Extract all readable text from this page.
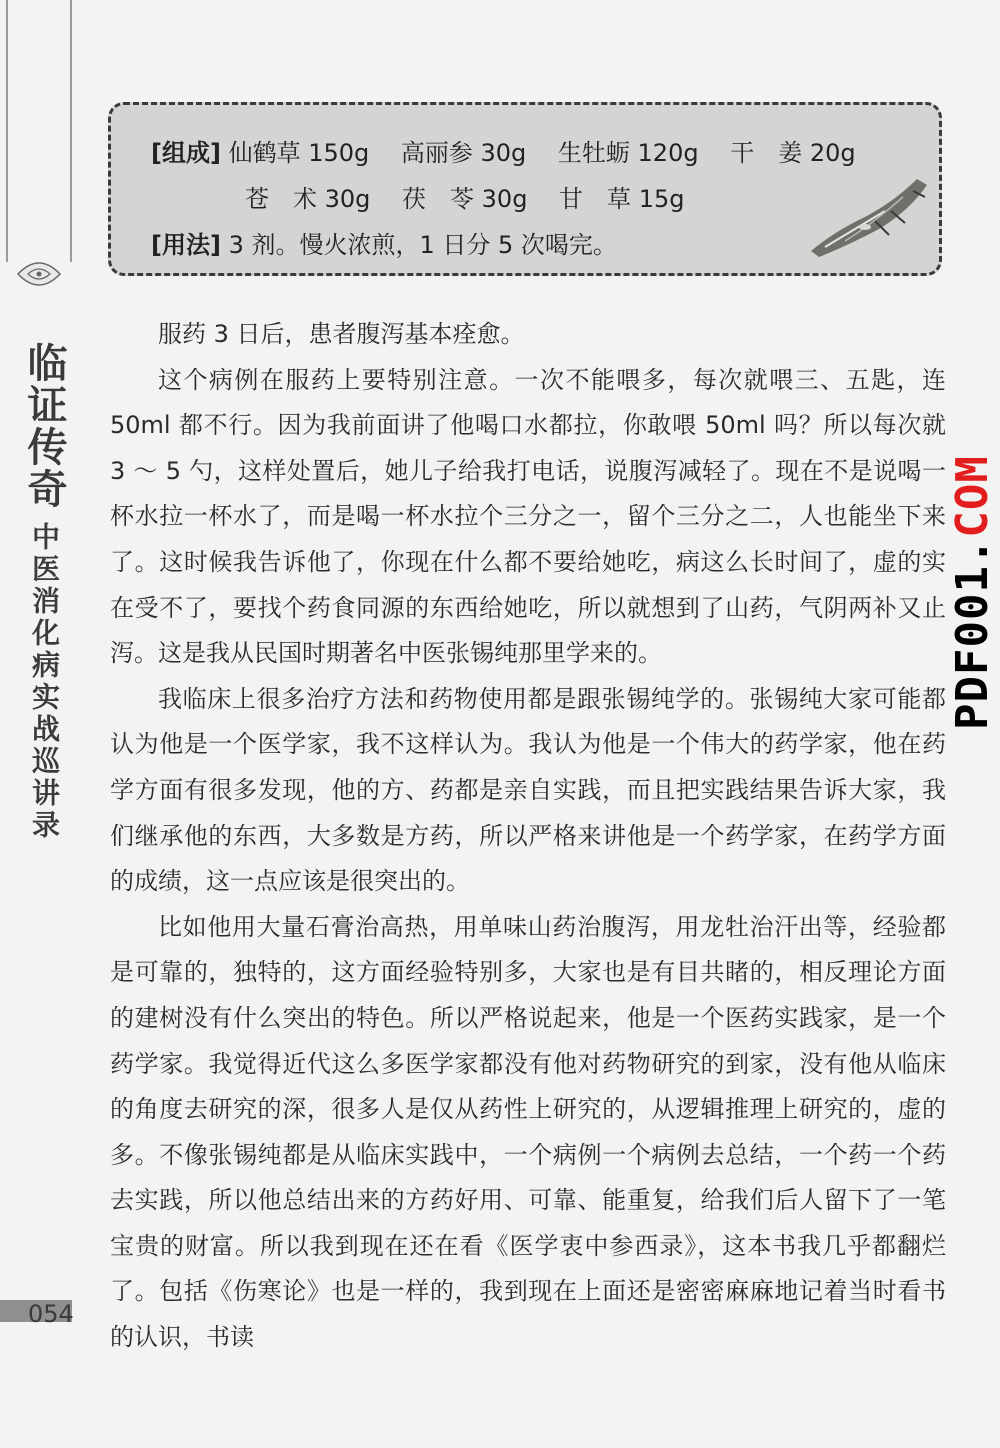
临证传奇
中医消化病实战巡讲录
054
PDF001.COM
[组成] 仙鹤草 150g　 高丽参 30g　 生牡蛎 120g　 干　姜 20g
苍　术 30g　 茯　苓 30g　 甘　草 15g
[用法] 3 剂。慢火浓煎，1 日分 5 次喝完。

服药 3 日后，患者腹泻基本痊愈。

这个病例在服药上要特别注意。一次不能喂多，每次就喂三、五匙，连 50ml 都不行。因为我前面讲了他喝口水都拉，你敢喂 50ml 吗？所以每次就 3 ～ 5 勺，这样处置后，她儿子给我打电话，说腹泻减轻了。现在不是说喝一杯水拉一杯水了，而是喝一杯水拉个三分之一，留个三分之二，人也能坐下来了。这时候我告诉他了，你现在什么都不要给她吃，病这么长时间了，虚的实在受不了，要找个药食同源的东西给她吃，所以就想到了山药，气阴两补又止泻。这是我从民国时期著名中医张锡纯那里学来的。

我临床上很多治疗方法和药物使用都是跟张锡纯学的。张锡纯大家可能都认为他是一个医学家，我不这样认为。我认为他是一个伟大的药学家，他在药学方面有很多发现，他的方、药都是亲自实践，而且把实践结果告诉大家，我们继承他的东西，大多数是方药，所以严格来讲他是一个药学家，在药学方面的成绩，这一点应该是很突出的。

比如他用大量石膏治高热，用单味山药治腹泻，用龙牡治汗出等，经验都是可靠的，独特的，这方面经验特别多，大家也是有目共睹的，相反理论方面的建树没有什么突出的特色。所以严格说起来，他是一个医药实践家，是一个药学家。我觉得近代这么多医学家都没有他对药物研究的到家，没有他从临床的角度去研究的深，很多人是仅从药性上研究的，从逻辑推理上研究的，虚的多。不像张锡纯都是从临床实践中，一个病例一个病例去总结，一个药一个药去实践，所以他总结出来的方药好用、可靠、能重复，给我们后人留下了一笔宝贵的财富。所以我到现在还在看《医学衷中参西录》，这本书我几乎都翻烂了。包括《伤寒论》也是一样的，我到现在上面还是密密麻麻地记着当时看书的认识，书读
